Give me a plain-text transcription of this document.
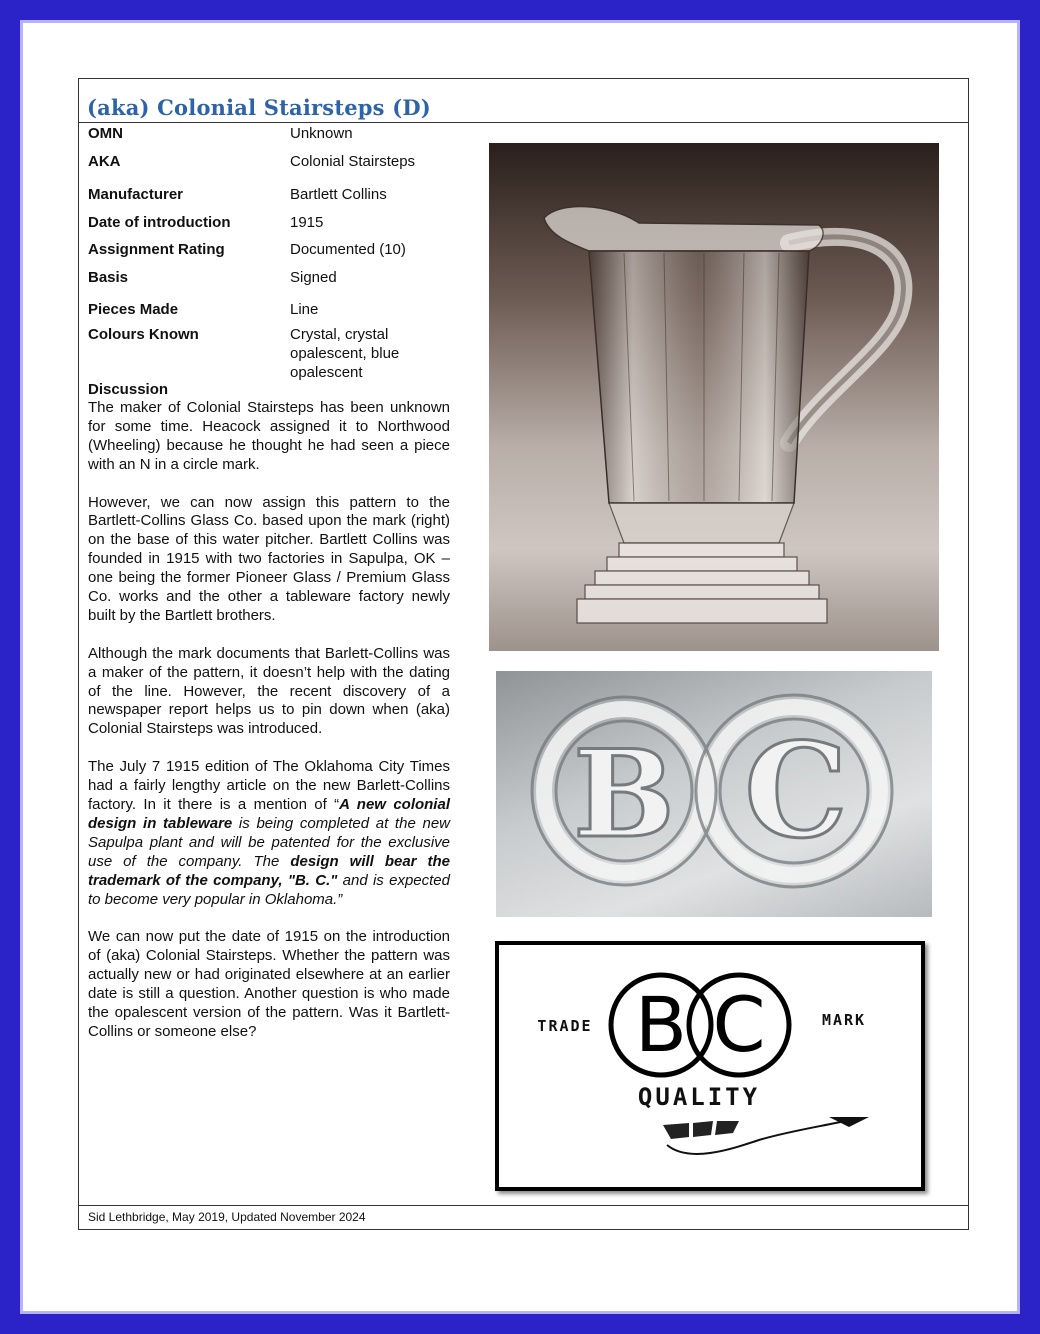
(aka) Colonial Stairsteps (D)
OMN	Unknown
AKA	Colonial Stairsteps
Manufacturer	Bartlett Collins
Date of introduction	1915
Assignment Rating	Documented (10)
Basis	Signed
Pieces Made	Line
Colours Known	Crystal, crystal opalescent, blue opalescent
Discussion

The maker of Colonial Stairsteps has been unknown for some time. Heacock assigned it to Northwood (Wheeling) because he thought he had seen a piece with an N in a circle mark.

However, we can now assign this pattern to the Bartlett-Collins Glass Co. based upon the mark (right) on the base of this water pitcher. Bartlett Collins was founded in 1915 with two factories in Sapulpa, OK – one being the former Pioneer Glass / Premium Glass Co. works and the other a tableware factory newly built by the Bartlett brothers.

Although the mark documents that Barlett-Collins was a maker of the pattern, it doesn’t help with the dating of the line. However, the recent discovery of a newspaper report helps us to pin down when (aka) Colonial Stairsteps was introduced.

The July 7 1915 edition of The Oklahoma City Times had a fairly lengthy article on the new Barlett-Collins factory. In it there is a mention of “A new colonial design in tableware is being completed at the new Sapulpa plant and will be patented for the exclusive use of the company. The design will bear the trademark of the company, "B. C." and is expected to become very popular in Oklahoma.”

We can now put the date of 1915 on the introduction of (aka) Colonial Stairsteps. Whether the pattern was actually new or had originated elsewhere at an earlier date is still a question. Another question is who made the opalescent version of the pattern. Was it Bartlett-Collins or someone else?

B C
TRADE	MARK
B C
QUALITY
Sid Lethbridge, May 2019, Updated November 2024
